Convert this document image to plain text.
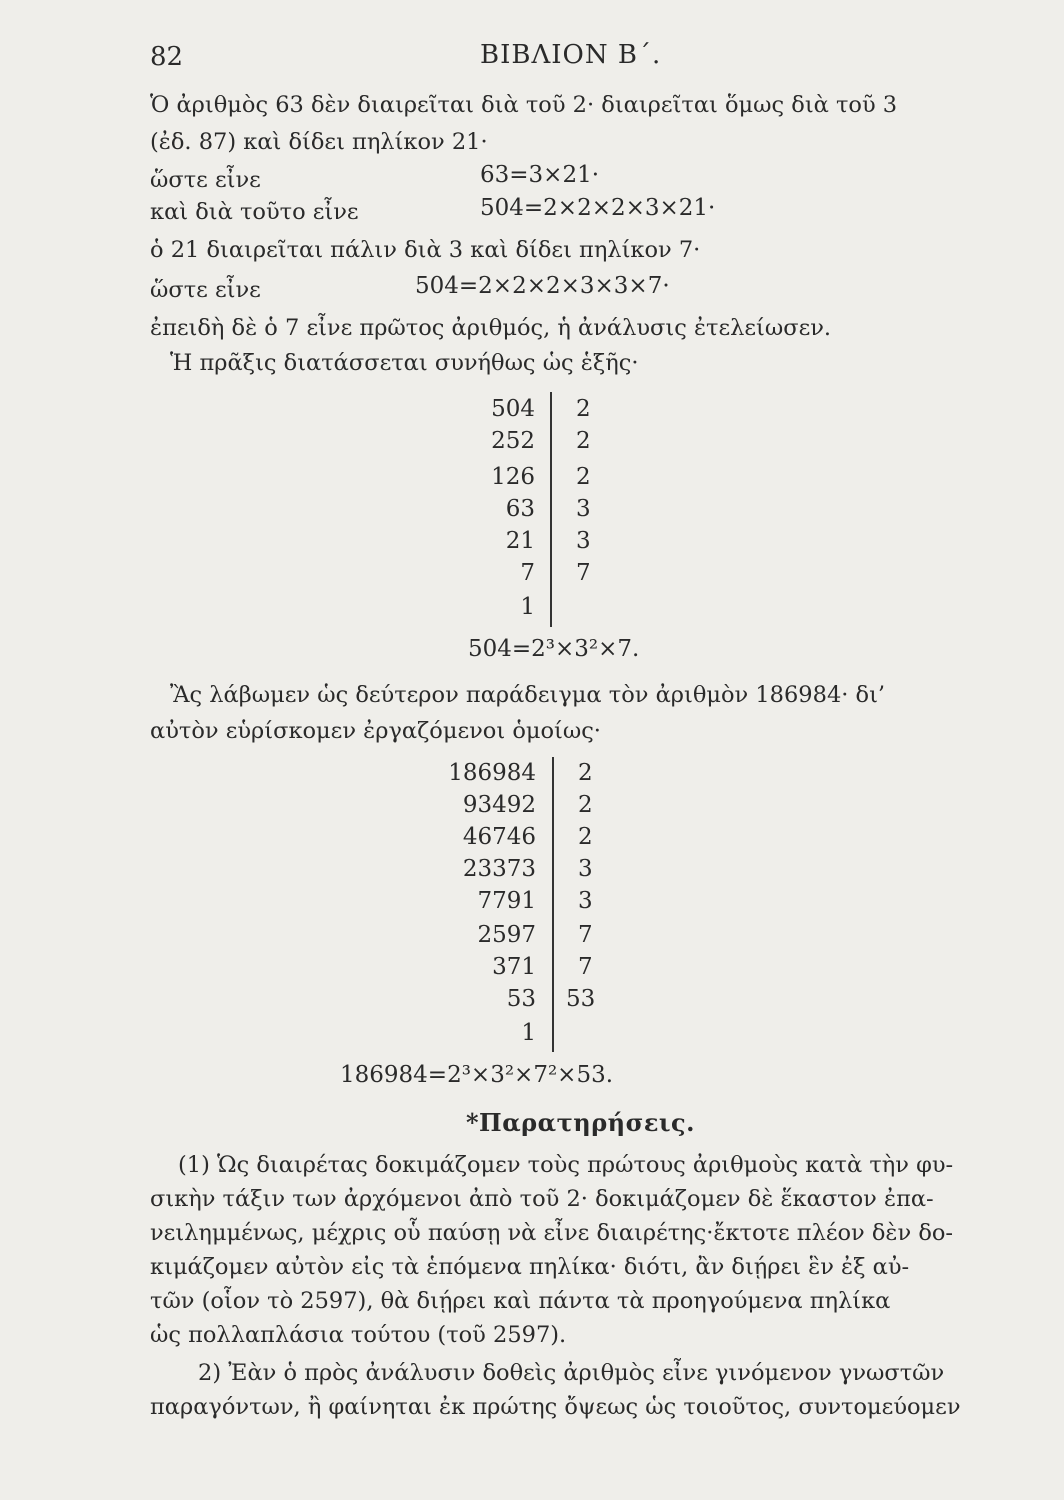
82	ΒΙΒΛΙΟΝ Β΄.
Ὁ ἀριθμὸς 63 δὲν διαιρεῖται διὰ τοῦ 2· διαιρεῖται ὅμως διὰ τοῦ 3
(ἐδ. 87) καὶ δίδει πηλίκον 21·
ὥστε εἶνε	63=3×21·
καὶ διὰ τοῦτο εἶνε	504=2×2×2×3×21·
ὁ 21 διαιρεῖται πάλιν διὰ 3 καὶ δίδει πηλίκον 7·
ὥστε εἶνε	504=2×2×2×3×3×7·
ἐπειδὴ δὲ ὁ 7 εἶνε πρῶτος ἀριθμός, ἡ ἀνάλυσις ἐτελείωσεν.
Ἡ πρᾶξις διατάσσεται συνήθως ὡς ἑξῆς·
504 2
252 2
126 2
63 3
21 3
7 7
1
504=2³×3²×7.
Ἂς λάβωμεν ὡς δεύτερον παράδειγμα τὸν ἀριθμὸν 186984· δι’
αὐτὸν εὑρίσκομεν ἐργαζόμενοι ὁμοίως·
186984 2
93492 2
46746 2
23373 3
7791 3
2597 7
371 7
53 53
1
186984=2³×3²×7²×53.
*Παρατηρήσεις.
(1) Ὡς διαιρέτας δοκιμάζομεν τοὺς πρώτους ἀριθμοὺς κατὰ τὴν φυ-
σικὴν τάξιν των ἀρχόμενοι ἀπὸ τοῦ 2· δοκιμάζομεν δὲ ἕκαστον ἐπα-
νειλημμένως, μέχρις οὗ παύσῃ νὰ εἶνε διαιρέτης·ἔκτοτε πλέον δὲν δο-
κιμάζομεν αὐτὸν εἰς τὰ ἑπόμενα πηλίκα· διότι, ἂν διῄρει ἓν ἐξ αὐ-
τῶν (οἷον τὸ 2597), θὰ διῄρει καὶ πάντα τὰ προηγούμενα πηλίκα
ὡς πολλαπλάσια τούτου (τοῦ 2597).
2) Ἐὰν ὁ πρὸς ἀνάλυσιν δοθεὶς ἀριθμὸς εἶνε γινόμενον γνωστῶν
παραγόντων, ἢ φαίνηται ἐκ πρώτης ὄψεως ὡς τοιοῦτος, συντομεύομεν
